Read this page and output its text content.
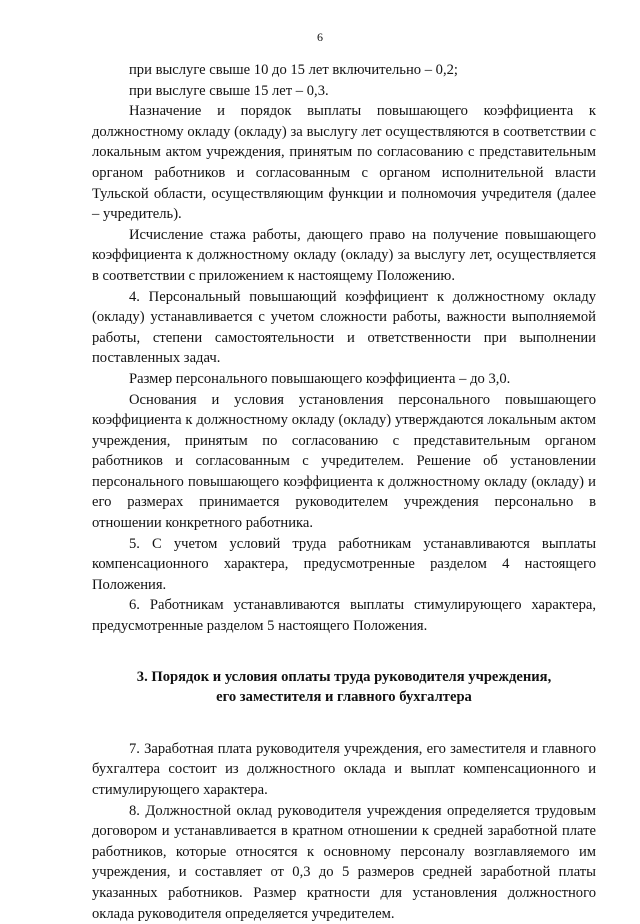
6

при выслуге свыше 10 до 15 лет включительно – 0,2;

при выслуге свыше 15 лет – 0,3.

Назначение и порядок выплаты повышающего коэффициента к должностному окладу (окладу) за выслугу лет осуществляются в соответствии с локальным актом учреждения, принятым по согласованию с представительным органом работников и согласованным с органом исполнительной власти Тульской области, осуществляющим функции и полномочия учредителя (далее – учредитель).

Исчисление стажа работы, дающего право на получение повышающего коэффициента к должностному окладу (окладу) за выслугу лет, осуществляется в соответствии с приложением к настоящему Положению.

4. Персональный повышающий коэффициент к должностному окладу (окладу) устанавливается с учетом сложности работы, важности выполняемой работы, степени самостоятельности и ответственности при выполнении поставленных задач.

Размер персонального повышающего коэффициента – до 3,0.

Основания и условия установления персонального повышающего коэффициента к должностному окладу (окладу) утверждаются локальным актом учреждения, принятым по согласованию с представительным органом работников и согласованным с учредителем. Решение об установлении персонального повышающего коэффициента к должностному окладу (окладу) и его размерах принимается руководителем учреждения персонально в отношении конкретного работника.

5. С учетом условий труда работникам устанавливаются выплаты компенсационного характера, предусмотренные разделом 4 настоящего Положения.

6. Работникам устанавливаются выплаты стимулирующего характера, предусмотренные разделом 5 настоящего Положения.

3. Порядок и условия оплаты труда руководителя учреждения,
его заместителя и главного бухгалтера

7. Заработная плата руководителя учреждения, его заместителя и главного бухгалтера состоит из должностного оклада и выплат компенсационного и стимулирующего характера.

8. Должностной оклад руководителя учреждения определяется трудовым договором и устанавливается в кратном отношении к средней заработной плате работников, которые относятся к основному персоналу возглавляемого им учреждения, и составляет от 0,3 до 5 размеров средней заработной платы указанных работников. Размер кратности для установления должностного оклада руководителя определяется учредителем.
